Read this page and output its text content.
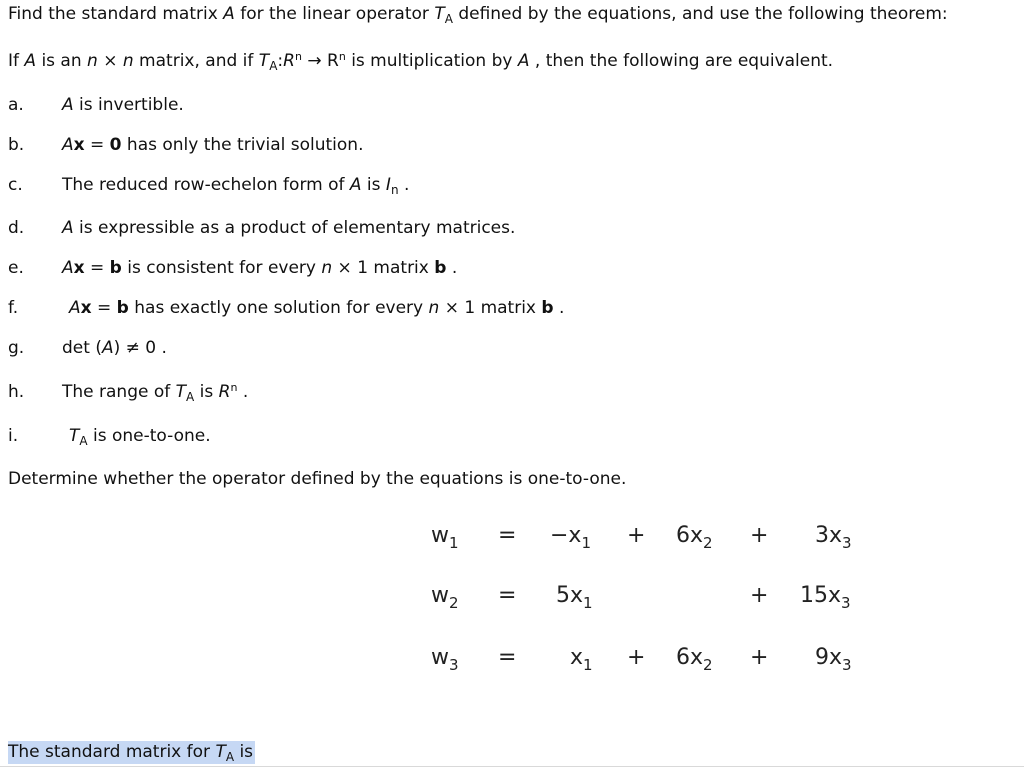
Find the standard matrix A for the linear operator $T_A$ defined by the equations, and use the following theorem:
If A is an n × n matrix, and if $T_A:R^n \to R^n$ is multiplication by A , then the following are equivalent.
a. A is invertible.
b. Ax = 0 has only the trivial solution.
c. The reduced row-echelon form of A is $I_n$ .
d. A is expressible as a product of elementary matrices.
e. Ax = b is consistent for every n × 1 matrix b .
f.	Ax = b has exactly one solution for every n × 1 matrix b .
g. det (A) ≠ 0 .
h. The range of $T_A$ is $R^n$ .
i.	$T_A$ is one-to-one.
Determine whether the operator defined by the equations is one-to-one.
$w_1 = -x_1 + 6x_2 + 3x_3$
$w_2 = 5x_1$	+ $15x_3$
$w_3 = x_1 + 6x_2 + 9x_3$
The standard matrix for $T_A$ is
